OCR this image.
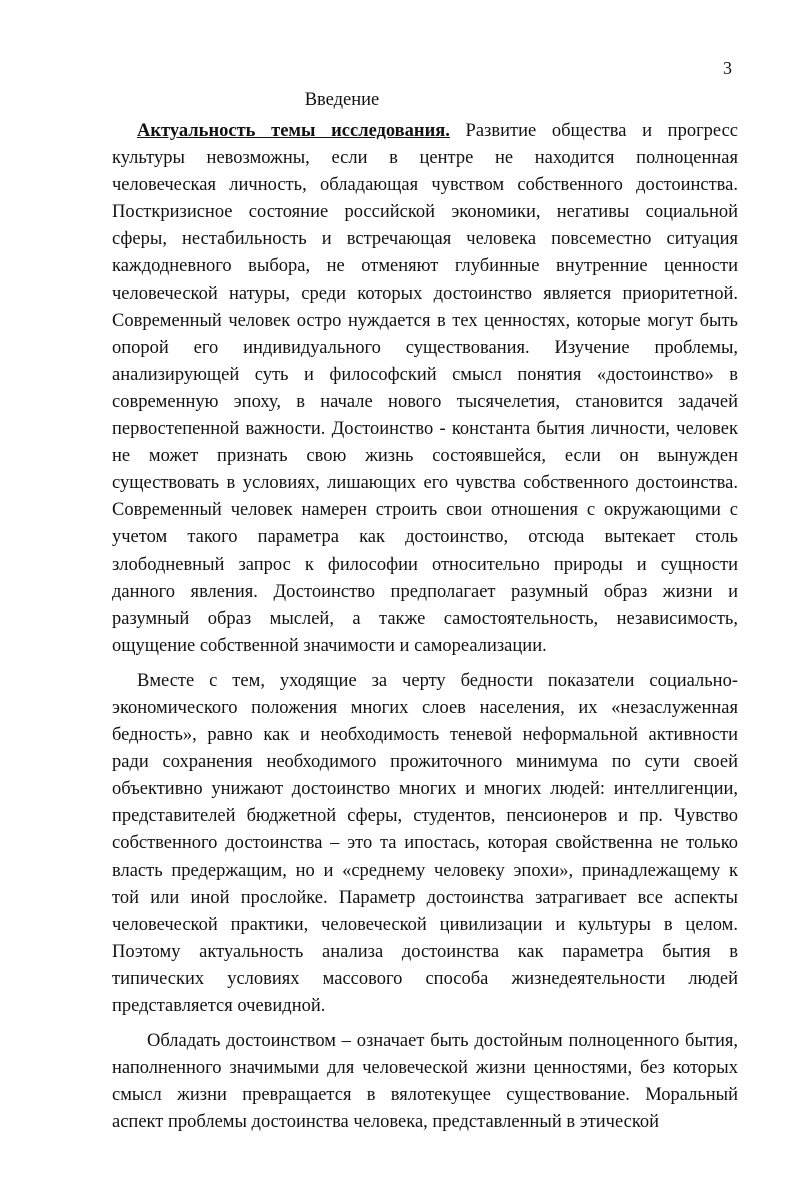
3
Введение
Актуальность темы исследования. Развитие общества и прогресс
культуры невозможны, если в центре не находится полноценная
человеческая личность, обладающая чувством собственного достоинства.
Посткризисное состояние российской экономики, негативы социальной
сферы, нестабильность и встречающая человека повсеместно ситуация
каждодневного выбора, не отменяют глубинные внутренние ценности
человеческой натуры, среди которых достоинство является приоритетной.
Современный человек остро нуждается в тех ценностях, которые могут быть
опорой его индивидуального существования. Изучение проблемы,
анализирующей суть и философский смысл понятия «достоинство» в
современную эпоху, в начале нового тысячелетия, становится задачей
первостепенной важности. Достоинство - константа бытия личности, человек
не может признать свою жизнь состоявшейся, если он вынужден
существовать в условиях, лишающих его чувства собственного достоинства.
Современный человек намерен строить свои отношения с окружающими с
учетом такого параметра как достоинство, отсюда вытекает столь
злободневный запрос к философии относительно природы и сущности
данного явления. Достоинство предполагает разумный образ жизни и
разумный образ мыслей, а также самостоятельность, независимость,
ощущение собственной значимости и самореализации.
Вместе с тем, уходящие за черту бедности показатели социально-
экономического положения многих слоев населения, их «незаслуженная
бедность», равно как и необходимость теневой неформальной активности
ради сохранения необходимого прожиточного минимума по сути своей
объективно унижают достоинство многих и многих людей: интеллигенции,
представителей бюджетной сферы, студентов, пенсионеров и пр. Чувство
собственного достоинства – это та ипостась, которая свойственна не только
власть предержащим, но и «среднему человеку эпохи», принадлежащему к
той или иной прослойке. Параметр достоинства затрагивает все аспекты
человеческой практики, человеческой цивилизации и культуры в целом.
Поэтому актуальность анализа достоинства как параметра бытия в
типических условиях массового способа жизнедеятельности людей
представляется очевидной.
Обладать достоинством – означает быть достойным полноценного бытия,
наполненного значимыми для человеческой жизни ценностями, без которых
смысл жизни превращается в вялотекущее существование. Моральный
аспект проблемы достоинства человека, представленный в этической
